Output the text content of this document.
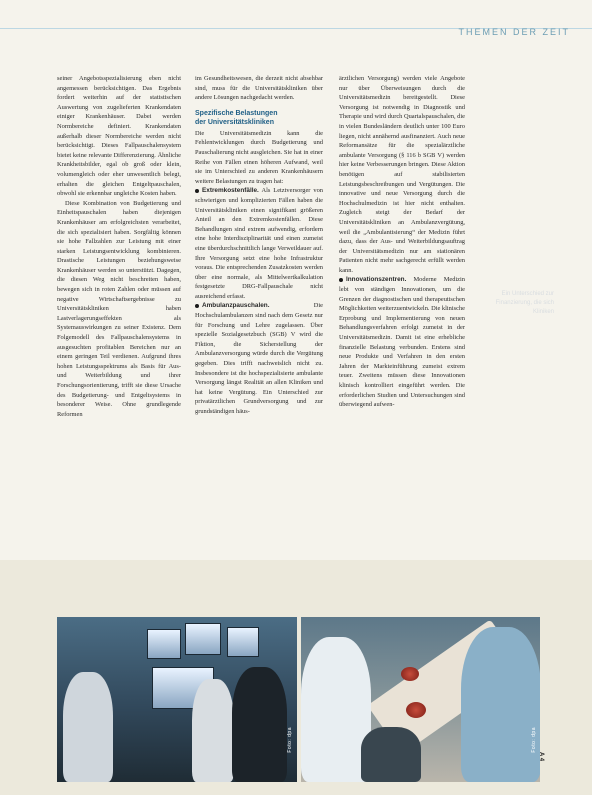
THEMEN DER ZEIT

seiner Angebotsspezialisierung eben nicht angemessen berücksichtigen. Das Ergebnis fordert weiterhin auf der statistischen Auswertung von zugelieferten Krankendaten einiger Krankenhäuser. Dabei werden Normbereiche definiert. Krankendaten außerhalb dieser Normbereiche werden nicht berücksichtigt. Dieses Fallpauschalensystem bietet keine relevante Differenzierung. Ähnliche Krankheitsbilder, egal ob groß oder klein, volumengleich oder eher unwesentlich belegt, erhalten die gleichen Entgeltpauschalen, obwohl sie erkennbar ungleiche Kosten haben.

Diese Kombination von Budgetierung und Einheitspauschalen haben diejenigen Krankenhäuser am erfolgreichsten verarbeitet, die sich spezialisiert haben. Sorgfältig können sie hohe Fallzahlen zur Leistung mit einer starken Leistungsentwicklung kombinieren. Drastische Leistungen beziehungsweise Krankenhäuser werden so unterstützt. Dagegen, die diesen Weg nicht beschreiten haben, bewegen sich in roten Zahlen oder müssen auf negative Wirtschaftsergebnisse zu Universitätskliniken haben Lastverlagerungseffekten als Systemauswirkungen zu seiner Existenz. Dem Folgemodell des Fallpauschalensystems in ausgesuchten profitablen Bereichen nur an einem geringen Teil verdienen. Aufgrund ihres hohen Leistungsspektrums als Basis für Aus- und Weiterbildung und ihrer Forschungsorientierung, trifft sie diese Ursache des Budgetierung- und Entgeltsystems in besonderer Weise. Ohne grundlegende Reformen

im Gesundheitswesen, die derzeit nicht absehbar sind, muss für die Universitätskliniken über andere Lösungen nachgedacht werden.

Spezifische Belastungen
der Universitätskliniken

Die Universitätsmedizin kann die Fehlentwicklungen durch Budgetierung und Pauschalierung nicht ausgleichen. Sie hat in einer Reihe von Fällen einen höheren Aufwand, weil sie im Unterschied zu anderen Krankenhäusern weitere Belastungen zu tragen hat:

Extremkostenfälle. Als Letztversorger von schwierigen und komplizierten Fällen haben die Universitätskliniken einen signifikant größeren Anteil an den Extremkostenfällen. Diese Behandlungen sind extrem aufwendig, erfordern eine hohe Interdisziplinarität und einen zumeist eine überdurchschnittlich lange Verweildauer auf. Ihre Versorgung setzt eine hohe Infrastruktur voraus. Die entsprechenden Zusatzkosten werden über eine normale, als Mittelwertkalkulation festgesetzte DRG-Fallpauschale nicht ausreichend erfasst.

Ambulanzpauschalen.	Die Hochschulambulanzen sind nach dem Gesetz nur für Forschung und Lehre zugelassen. Über spezielle Sozialgesetzbuch (SGB) V wird die Fiktion, die Sicherstellung der Ambulanzversorgung würde durch die Vergütung gegeben. Dies trifft nachweislich nicht zu. Insbesondere ist die hochspezialisierte ambulante Versorgung längst Realität an allen Kliniken und hat keine Vergütung. Ein Unterschied zur privatärztlichen Grundversorgung und zur grundständigen häus-

ärztlichen Versorgung) werden viele Angebote nur über Überweisungen durch die Universitätsmedizin bereitgestellt. Diese Versorgung ist notwendig in Diagnostik und Therapie und wird durch Quartalspauschalen, die in vielen Bundesländern deutlich unter 100 Euro liegen, nicht annähernd ausfinanziert. Auch neue Reformansätze für die spezialärztliche ambulante Versorgung (§ 116 b SGB V) werden hier keine Verbesserungen bringen. Diese Aktion benötigen auf stabilisierten Leistungsbeschreibungen und Vergütungen. Die innovative und neue Versorgung durch die Hochschulmedizin ist hier nicht enthalten. Zugleich steigt der Bedarf der Universitätskliniken an Ambulanzvergütung, weil die „Ambulantisierung“ der Medizin führt dazu, dass der Aus- und Weiterbildungsauftrag der Universitätsmedizin nur am stationären Patienten nicht mehr sachgerecht erfüllt werden kann.

Innovationszentren. Moderne Medizin lebt von ständigen Innovationen, um die Grenzen der diagnostischen und therapeutischen Möglichkeiten weiterzuentwickeln. Die klinische Erprobung und Implementierung von neuen Behandlungsverfahren erfolgt zumeist in der Universitätsmedizin. Damit ist eine erhebliche finanzielle Belastung verbunden. Erstens sind neue Produkte und Verfahren in den ersten Jahren der Markteinführung zumeist extrem teuer. Zweitens müssen diese Innovationen klinisch kontrolliert eingeführt werden. Die erforderlichen Studien und Untersuchungen sind überwiegend aufwen-

Ein Unterschied zur Finanzierung, die sich Kliniken
Foto: dpa	Foto: dpa
A 4
